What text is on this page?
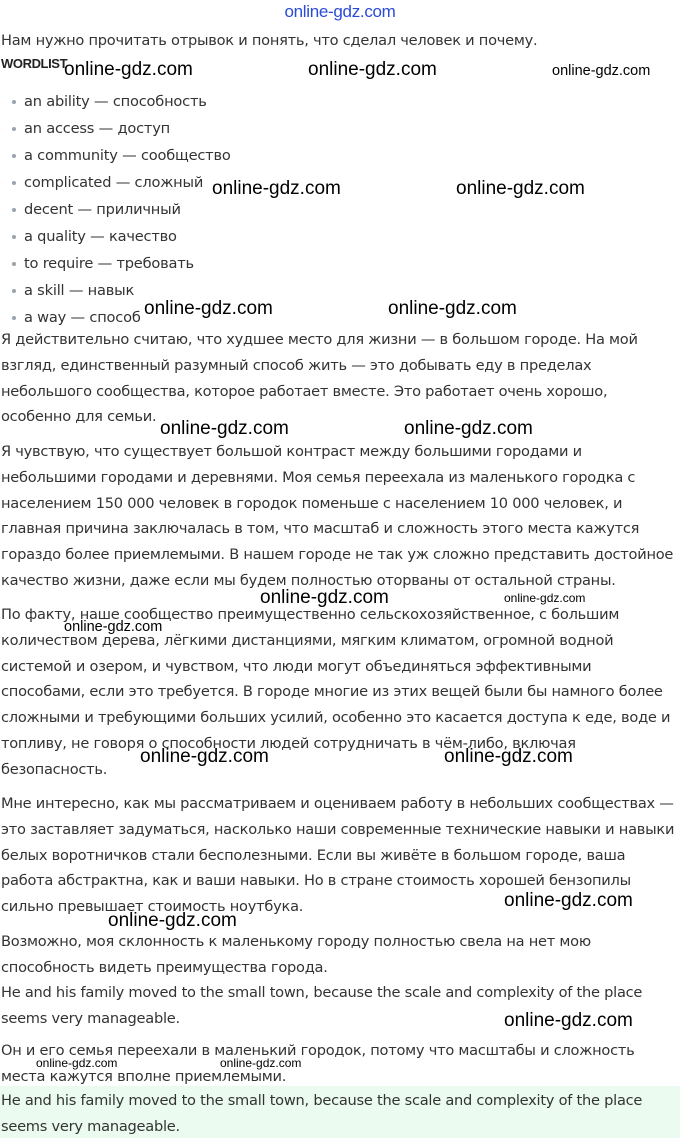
online-gdz.com

Нам нужно прочитать отрывок и понять, что сделал человек и почему.

WORDLIST
an ability — способность
an access — доступ
a community — сообщество
complicated — сложный
decent — приличный
a quality — качество
to require — требовать
a skill — навык
a way — способ

Я действительно считаю, что худшее место для жизни — в большом городе. На мой взгляд, единственный разумный способ жить — это добывать еду в пределах небольшого сообщества, которое работает вместе. Это работает очень хорошо, особенно для семьи.

Я чувствую, что существует большой контраст между большими городами и небольшими городами и деревнями. Моя семья переехала из маленького городка с населением 150 000 человек в городок поменьше с населением 10 000 человек, и главная причина заключалась в том, что масштаб и сложность этого места кажутся гораздо более приемлемыми. В нашем городе не так уж сложно представить достойное качество жизни, даже если мы будем полностью оторваны от остальной страны.

По факту, наше сообщество преимущественно сельскохозяйственное, с большим количеством дерева, лёгкими дистанциями, мягким климатом, огромной водной системой и озером, и чувством, что люди могут объединяться эффективными способами, если это требуется. В городе многие из этих вещей были бы намного более сложными и требующими больших усилий, особенно это касается доступа к еде, воде и топливу, не говоря о способности людей сотрудничать в чём-либо, включая безопасность.

Мне интересно, как мы рассматриваем и оцениваем работу в небольших сообществах — это заставляет задуматься, насколько наши современные технические навыки и навыки белых воротничков стали бесполезными. Если вы живёте в большом городе, ваша работа абстрактна, как и ваши навыки. Но в стране стоимость хорошей бензопилы сильно превышает стоимость ноутбука.

Возможно, моя склонность к маленькому городу полностью свела на нет мою способность видеть преимущества города.

He and his family moved to the small town, because the scale and complexity of the place seems very manageable.

Он и его семья переехали в маленький городок, потому что масштабы и сложность места кажутся вполне приемлемыми.

He and his family moved to the small town, because the scale and complexity of the place seems very manageable.

online-gdz.com	online-gdz.com	online-gdz.com
online-gdz.com	online-gdz.com
online-gdz.com	online-gdz.com
online-gdz.com	online-gdz.com
online-gdz.com	online-gdz.com
online-gdz.com
online-gdz.com	online-gdz.com
online-gdz.com
online-gdz.com
online-gdz.com
online-gdz.com	online-gdz.com
